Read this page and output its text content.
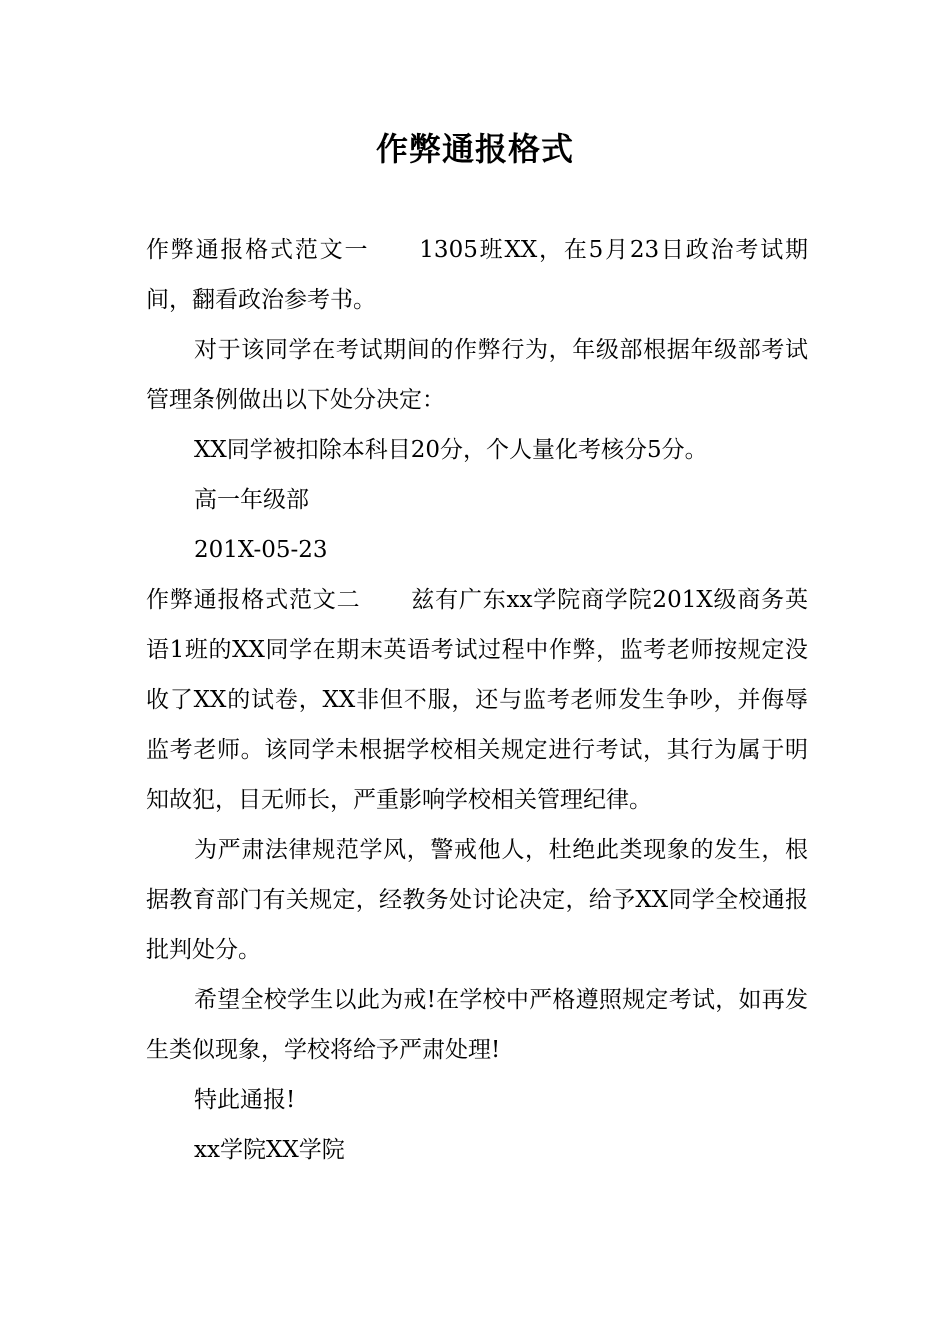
作弊通报格式

作弊通报格式范文一 1305班XX，在5月23日政治考试期间，翻看政治参考书。

对于该同学在考试期间的作弊行为，年级部根据年级部考试管理条例做出以下处分决定：

XX同学被扣除本科目20分，个人量化考核分5分。

高一年级部

201X-05-23

作弊通报格式范文二 兹有广东xx学院商学院201X级商务英语1班的XX同学在期末英语考试过程中作弊，监考老师按规定没收了XX的试卷，XX非但不服，还与监考老师发生争吵，并侮辱监考老师。该同学未根据学校相关规定进行考试，其行为属于明知故犯，目无师长，严重影响学校相关管理纪律。

为严肃法律规范学风，警戒他人，杜绝此类现象的发生，根据教育部门有关规定，经教务处讨论决定，给予XX同学全校通报批判处分。

希望全校学生以此为戒!在学校中严格遵照规定考试，如再发生类似现象，学校将给予严肃处理!

特此通报!

xx学院XX学院
